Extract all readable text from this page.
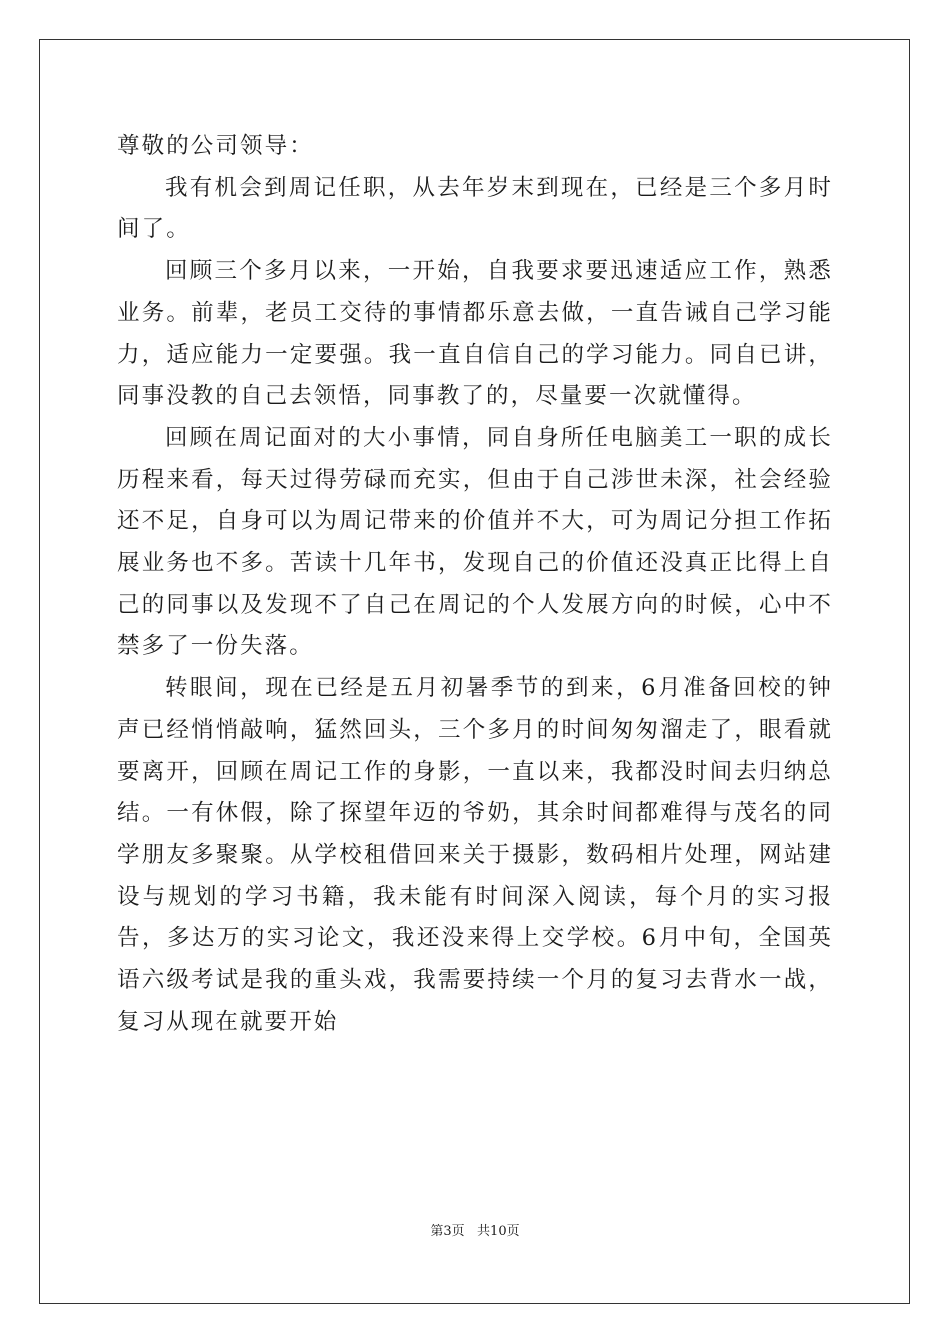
尊敬的公司领导：

我有机会到周记任职，从去年岁末到现在，已经是三个多月时间了。

回顾三个多月以来，一开始，自我要求要迅速适应工作，熟悉业务。前辈，老员工交待的事情都乐意去做，一直告诫自己学习能力，适应能力一定要强。我一直自信自己的学习能力。同自已讲，同事没教的自己去领悟，同事教了的，尽量要一次就懂得。

回顾在周记面对的大小事情，同自身所任电脑美工一职的成长历程来看，每天过得劳碌而充实，但由于自己涉世未深，社会经验还不足，自身可以为周记带来的价值并不大，可为周记分担工作拓展业务也不多。苦读十几年书，发现自己的价值还没真正比得上自己的同事以及发现不了自己在周记的个人发展方向的时候，心中不禁多了一份失落。

转眼间，现在已经是五月初暑季节的到来，6月准备回校的钟声已经悄悄敲响，猛然回头，三个多月的时间匆匆溜走了，眼看就要离开，回顾在周记工作的身影，一直以来，我都没时间去归纳总结。一有休假，除了探望年迈的爷奶，其余时间都难得与茂名的同学朋友多聚聚。从学校租借回来关于摄影，数码相片处理，网站建设与规划的学习书籍，我未能有时间深入阅读，每个月的实习报告，多达万的实习论文，我还没来得上交学校。6月中旬，全国英语六级考试是我的重头戏，我需要持续一个月的复习去背水一战，复习从现在就要开始

第3页   共10页
